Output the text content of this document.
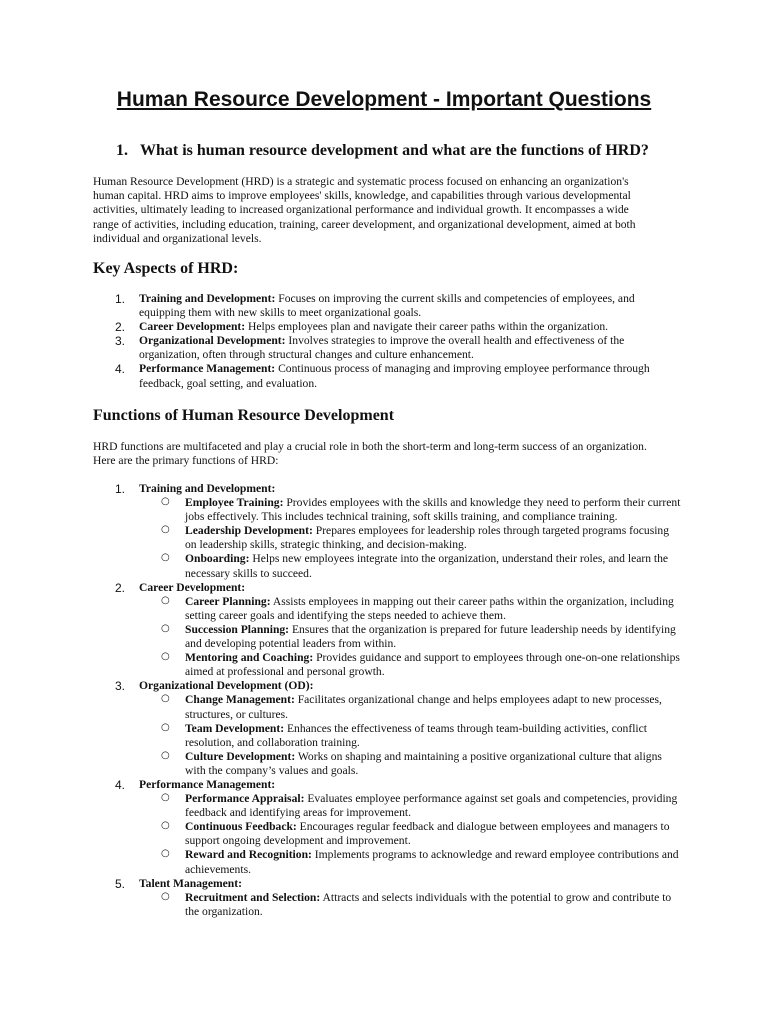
Human Resource Development - Important Questions

1. What is human resource development and what are the functions of HRD?

Human Resource Development (HRD) is a strategic and systematic process focused on enhancing an organization's human capital. HRD aims to improve employees' skills, knowledge, and capabilities through various developmental activities, ultimately leading to increased organizational performance and individual growth. It encompasses a wide range of activities, including education, training, career development, and organizational development, aimed at both individual and organizational levels.

Key Aspects of HRD:

1.	Training and Development: Focuses on improving the current skills and competencies of employees, and equipping them with new skills to meet organizational goals.
2.	Career Development: Helps employees plan and navigate their career paths within the organization.
3.	Organizational Development: Involves strategies to improve the overall health and effectiveness of the organization, often through structural changes and culture enhancement.
4.	Performance Management: Continuous process of managing and improving employee performance through feedback, goal setting, and evaluation.

Functions of Human Resource Development

HRD functions are multifaceted and play a crucial role in both the short-term and long-term success of an organization. Here are the primary functions of HRD:

1.	Training and Development:
○ Employee Training: Provides employees with the skills and knowledge they need to perform their current jobs effectively. This includes technical training, soft skills training, and compliance training.
○ Leadership Development: Prepares employees for leadership roles through targeted programs focusing on leadership skills, strategic thinking, and decision-making.
○ Onboarding: Helps new employees integrate into the organization, understand their roles, and learn the necessary skills to succeed.
2.	Career Development:
○ Career Planning: Assists employees in mapping out their career paths within the organization, including setting career goals and identifying the steps needed to achieve them.
○ Succession Planning: Ensures that the organization is prepared for future leadership needs by identifying and developing potential leaders from within.
○ Mentoring and Coaching: Provides guidance and support to employees through one-on-one relationships aimed at professional and personal growth.
3.	Organizational Development (OD):
○ Change Management: Facilitates organizational change and helps employees adapt to new processes, structures, or cultures.
○ Team Development: Enhances the effectiveness of teams through team-building activities, conflict resolution, and collaboration training.
○ Culture Development: Works on shaping and maintaining a positive organizational culture that aligns with the company’s values and goals.
4.	Performance Management:
○ Performance Appraisal: Evaluates employee performance against set goals and competencies, providing feedback and identifying areas for improvement.
○ Continuous Feedback: Encourages regular feedback and dialogue between employees and managers to support ongoing development and improvement.
○ Reward and Recognition: Implements programs to acknowledge and reward employee contributions and achievements.
5.	Talent Management:
○ Recruitment and Selection: Attracts and selects individuals with the potential to grow and contribute to the organization.
